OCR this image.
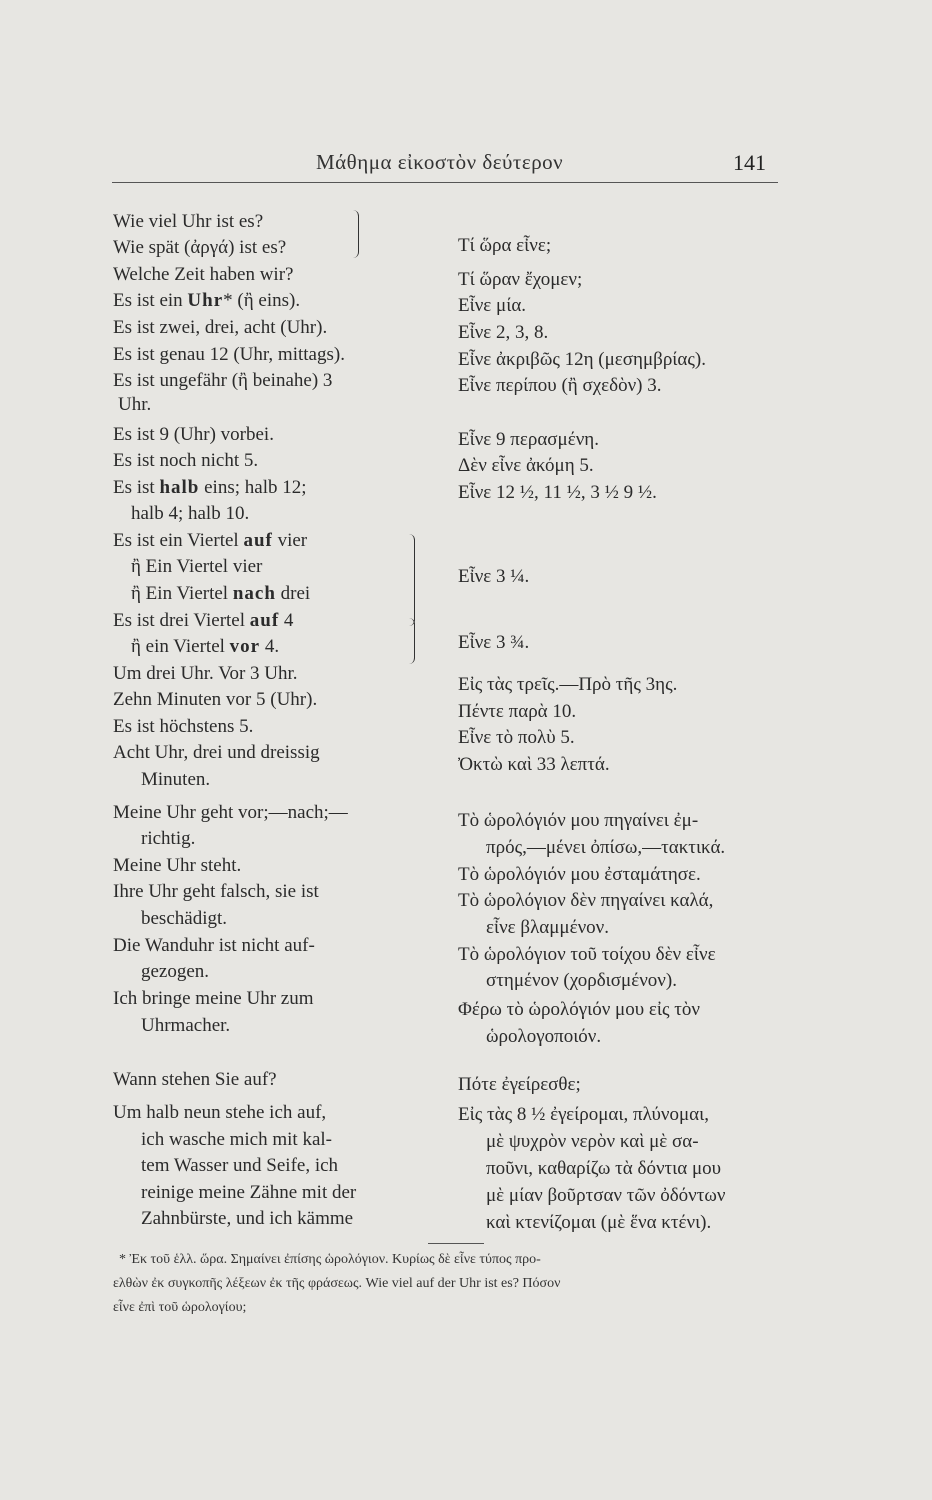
Μάθημα εἰκοστὸν δεύτερον	141
Wie viel Uhr ist es?
Wie spät (ἀργά) ist es?
Welche Zeit haben wir?
Es ist ein Uhr* (ἢ eins).
Es ist zwei, drei, acht (Uhr).
Es ist genau 12 (Uhr, mittags).
Es ist ungefähr (ἢ beinahe) 3
Uhr.
Es ist 9 (Uhr) vorbei.
Es ist noch nicht 5.
Es ist halb eins; halb 12;
halb 4; halb 10.
Es ist ein Viertel auf vier
ἢ Ein Viertel vier
ἢ Ein Viertel nach drei
Es ist drei Viertel auf 4
ἢ ein Viertel vor 4.
Um drei Uhr. Vor 3 Uhr.
Zehn Minuten vor 5 (Uhr).
Es ist höchstens 5.
Acht Uhr, drei und dreissig
Minuten.
Meine Uhr geht vor;—nach;—
richtig.
Meine Uhr steht.
Ihre Uhr geht falsch, sie ist
beschädigt.
Die Wanduhr ist nicht auf-
gezogen.
Ich bringe meine Uhr zum
Uhrmacher.
Wann stehen Sie auf?
Um halb neun stehe ich auf,
ich wasche mich mit kal-
tem Wasser und Seife, ich
reinige meine Zähne mit der
Zahnbürste, und ich kämme
Τί ὥρα εἶνε;
Τί ὥραν ἔχομεν;
Εἶνε μία.
Εἶνε 2, 3, 8.
Εἶνε ἀκριβῶς 12η (μεσημβρίας).
Εἶνε περίπου (ἢ σχεδὸν) 3.
Εἶνε 9 περασμένη.
Δὲν εἶνε ἀκόμη 5.
Εἶνε 12 ½, 11 ½, 3 ½ 9 ½.
Εἶνε 3 ¼.
Εἶνε 3 ¾.
Εἰς τὰς τρεῖς.—Πρὸ τῆς 3ης.
Πέντε παρὰ 10.
Εἶνε τὸ πολὺ 5.
Ὀκτὼ καὶ 33 λεπτά.
Τὸ ὡρολόγιόν μου πηγαίνει ἐμ-
πρός,—μένει ὀπίσω,—τακτικά.
Τὸ ὡρολόγιόν μου ἐσταμάτησε.
Τὸ ὡρολόγιον δὲν πηγαίνει καλά,
εἶνε βλαμμένον.
Τὸ ὡρολόγιον τοῦ τοίχου δὲν εἶνε
στημένον (χορδισμένον).
Φέρω τὸ ὡρολόγιόν μου εἰς τὸν
ὡρολογοποιόν.
Πότε ἐγείρεσθε;
Εἰς τὰς 8 ½ ἐγείρομαι, πλύνομαι,
μὲ ψυχρὸν νερὸν καὶ μὲ σα-
ποῦνι, καθαρίζω τὰ δόντια μου
μὲ μίαν βοῦρτσαν τῶν ὀδόντων
καὶ κτενίζομαι (μὲ ἕνα κτένι).
* Ἐκ τοῦ ἑλλ. ὥρα. Σημαίνει ἐπίσης ὡρολόγιον. Κυρίως δὲ εἶνε τύπος προ-
ελθὼν ἐκ συγκοπῆς λέξεων ἐκ τῆς φράσεως. Wie viel auf der Uhr ist es? Πόσον
εἶνε ἐπὶ τοῦ ὡρολογίου;
